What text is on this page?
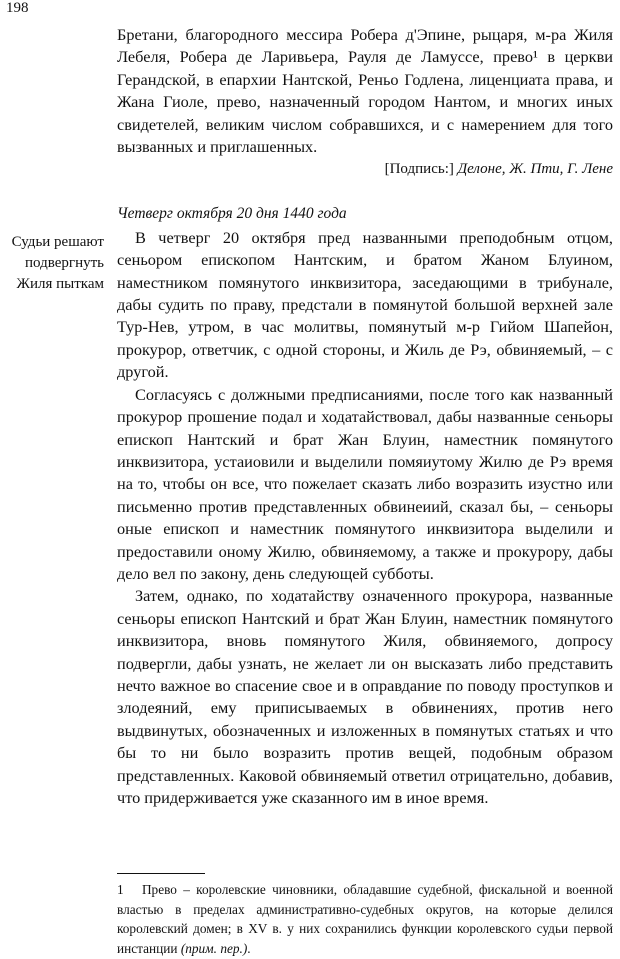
198

Бретани, благородного мессира Робера д'Эпине, рыцаря, м-ра Жиля Лебеля, Робера де Ларивьера, Рауля де Ламуссе, прево¹ в церкви Герандской, в епархии Нантской, Реньо Годлена, лиценциата права, и Жана Гиоле, прево, назначенный городом Нантом, и многих иных свидетелей, великим числом собравшихся, и с намерением для того вызванных и приглашенных.

[Подпись:] Делоне, Ж. Пти, Г. Лене
Четверг октября 20 дня 1440 года

В четверг 20 октября пред названными преподобным отцом, сеньором епископом Нантским, и братом Жаном Блуином, наместником помянутого инквизитора, заседающими в трибунале, дабы судить по праву, предстали в помянутой большой верхней зале Тур-Нев, утром, в час молитвы, помянутый м-р Гийом Шапейон, прокурор, ответчик, с одной стороны, и Жиль де Рэ, обвиняемый, – с другой.

Согласуясь с должными предписаниями, после того как названный прокурор прошение подал и ходатайствовал, дабы названные сеньоры епископ Нантский и брат Жан Блуин, наместник помянутого инквизитора, устаиовили и выделили помяиутому Жилю де Рэ время на то, чтобы он все, что пожелает сказать либо возразить изустно или письменно против представленных обвинеиий, сказал бы, – сеньоры оные епископ и наместник помянутого инквизитора выделили и предоставили оному Жилю, обвиняемому, а также и прокурору, дабы дело вел по закону, день следующей субботы.

Затем, однако, по ходатайству означенного прокурора, названные сеньоры епископ Нантский и брат Жан Блуин, наместник помянутого инквизитора, вновь помянутого Жиля, обвиняемого, допросу подвергли, дабы узнать, не желает ли он высказать либо представить нечто важное во спасение свое и в оправдание по поводу проступков и злодеяний, ему приписываемых в обвинениях, против него выдвинутых, обозначенных и изложенных в помянутых статьях и что бы то ни было возразить против вещей, подобным образом представленных. Каковой обвиняемый ответил отрицательно, добавив, что придерживается уже сказанного им в иное время.

Судьи решают подвергнуть Жиля пыткам
1 Прево – королевские чиновники, обладавшие судебной, фискальной и военной властью в пределах административно-судебных округов, на которые делился королевский домен; в XV в. у них сохранились функции королевского судьи первой инстанции (прим. пер.).
